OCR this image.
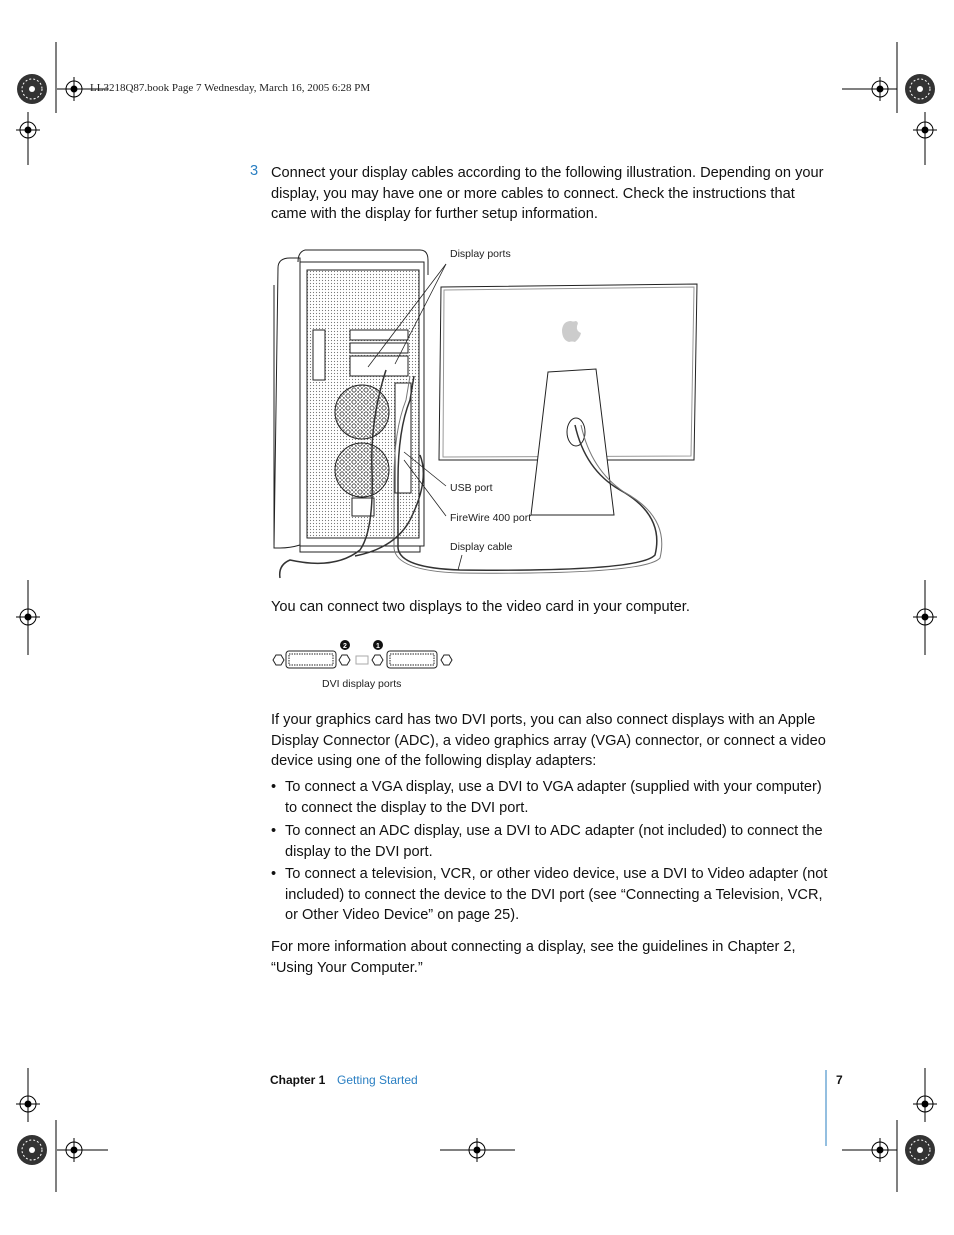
LL3218Q87.book Page 7 Wednesday, March 16, 2005 6:28 PM
3 Connect your display cables according to the following illustration. Depending on your display, you may have one or more cables to connect. Check the instructions that came with the display for further setup information.
Display ports
USB port
FireWire 400 port
Display cable
You can connect two displays to the video card in your computer.
2	1
DVI display ports
If your graphics card has two DVI ports, you can also connect displays with an Apple Display Connector (ADC), a video graphics array (VGA) connector, or connect a video device using one of the following display adapters:
• To connect a VGA display, use a DVI to VGA adapter (supplied with your computer) to connect the display to the DVI port.
• To connect an ADC display, use a DVI to ADC adapter (not included) to connect the display to the DVI port.
• To connect a television, VCR, or other video device, use a DVI to Video adapter (not included) to connect the device to the DVI port (see “Connecting a Television, VCR, or Other Video Device” on page 25).
For more information about connecting a display, see the guidelines in Chapter 2, “Using Your Computer.”
Chapter 1 Getting Started	7
